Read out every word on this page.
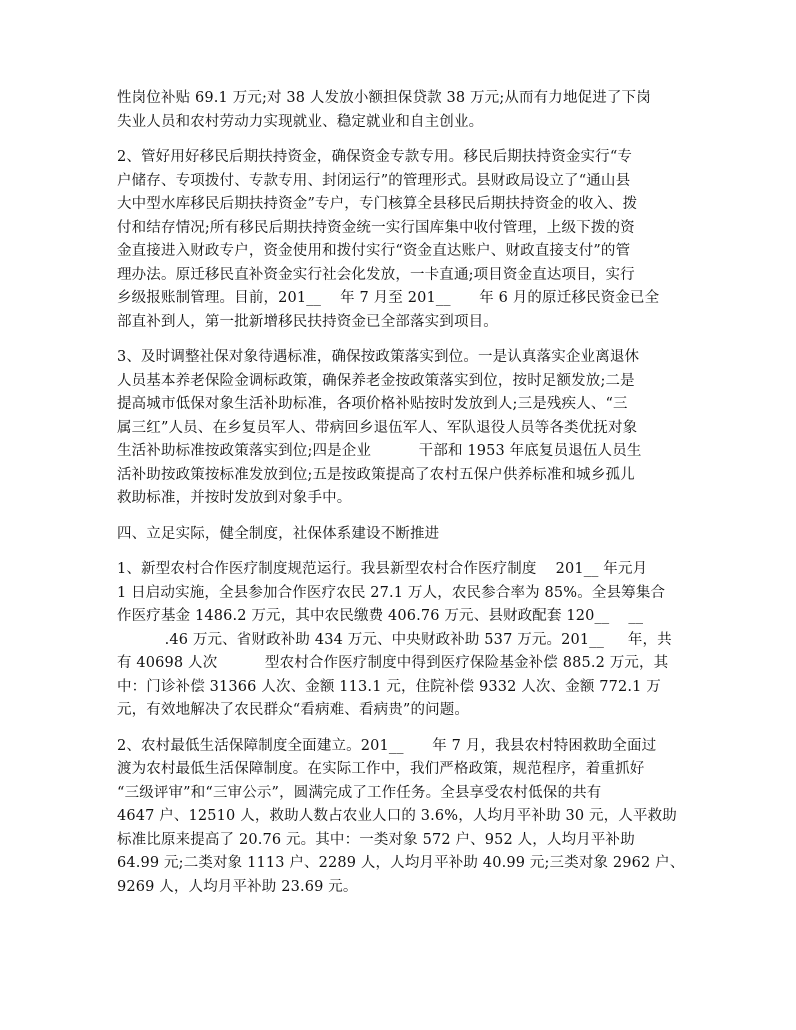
性岗位补贴 69.1 万元;对 38 人发放小额担保贷款 38 万元;从而有力地促进了下岗
失业人员和农村劳动力实现就业、稳定就业和自主创业。

2、管好用好移民后期扶持资金，确保资金专款专用。移民后期扶持资金实行“专
户储存、专项拨付、专款专用、封闭运行”的管理形式。县财政局设立了“通山县
大中型水库移民后期扶持资金”专户，专门核算全县移民后期扶持资金的收入、拨
付和结存情况;所有移民后期扶持资金统一实行国库集中收付管理，上级下拨的资
金直接进入财政专户，资金使用和拨付实行“资金直达账户、财政直接支付”的管
理办法。原迁移民直补资金实行社会化发放，一卡直通;项目资金直达项目，实行
乡级报账制管理。目前，201__    年 7 月至 201__      年 6 月的原迁移民资金已全
部直补到人，第一批新增移民扶持资金已全部落实到项目。

3、及时调整社保对象待遇标准，确保按政策落实到位。一是认真落实企业离退休
人员基本养老保险金调标政策，确保养老金按政策落实到位，按时足额发放;二是
提高城市低保对象生活补助标准，各项价格补贴按时发放到人;三是残疾人、“三
属三红”人员、在乡复员军人、带病回乡退伍军人、军队退役人员等各类优抚对象
生活补助标准按政策落实到位;四是企业          干部和 1953 年底复员退伍人员生
活补助按政策按标准发放到位;五是按政策提高了农村五保户供养标准和城乡孤儿
救助标准，并按时发放到对象手中。

四、立足实际，健全制度，社保体系建设不断推进

1、新型农村合作医疗制度规范运行。我县新型农村合作医疗制度    201__ 年元月
1 日启动实施，全县参加合作医疗农民 27.1 万人，农民参合率为 85%。全县筹集合
作医疗基金 1486.2 万元，其中农民缴费 406.76 万元、县财政配套 120__    __
.46 万元、省财政补助 434 万元、中央财政补助 537 万元。201__     年，共
有 40698 人次          型农村合作医疗制度中得到医疗保险基金补偿 885.2 万元，其
中：门诊补偿 31366 人次、金额 113.1 元，住院补偿 9332 人次、金额 772.1 万
元，有效地解决了农民群众“看病难、看病贵”的问题。

2、农村最低生活保障制度全面建立。201__      年 7 月，我县农村特困救助全面过
渡为农村最低生活保障制度。在实际工作中，我们严格政策，规范程序，着重抓好
“三级评审”和“三审公示”，圆满完成了工作任务。全县享受农村低保的共有
4647 户、12510 人，救助人数占农业人口的 3.6%，人均月平补助 30 元，人平救助
标准比原来提高了 20.76 元。其中：一类对象 572 户、952 人，人均月平补助
64.99 元;二类对象 1113 户、2289 人，人均月平补助 40.99 元;三类对象 2962 户、
9269 人，人均月平补助 23.69 元。
